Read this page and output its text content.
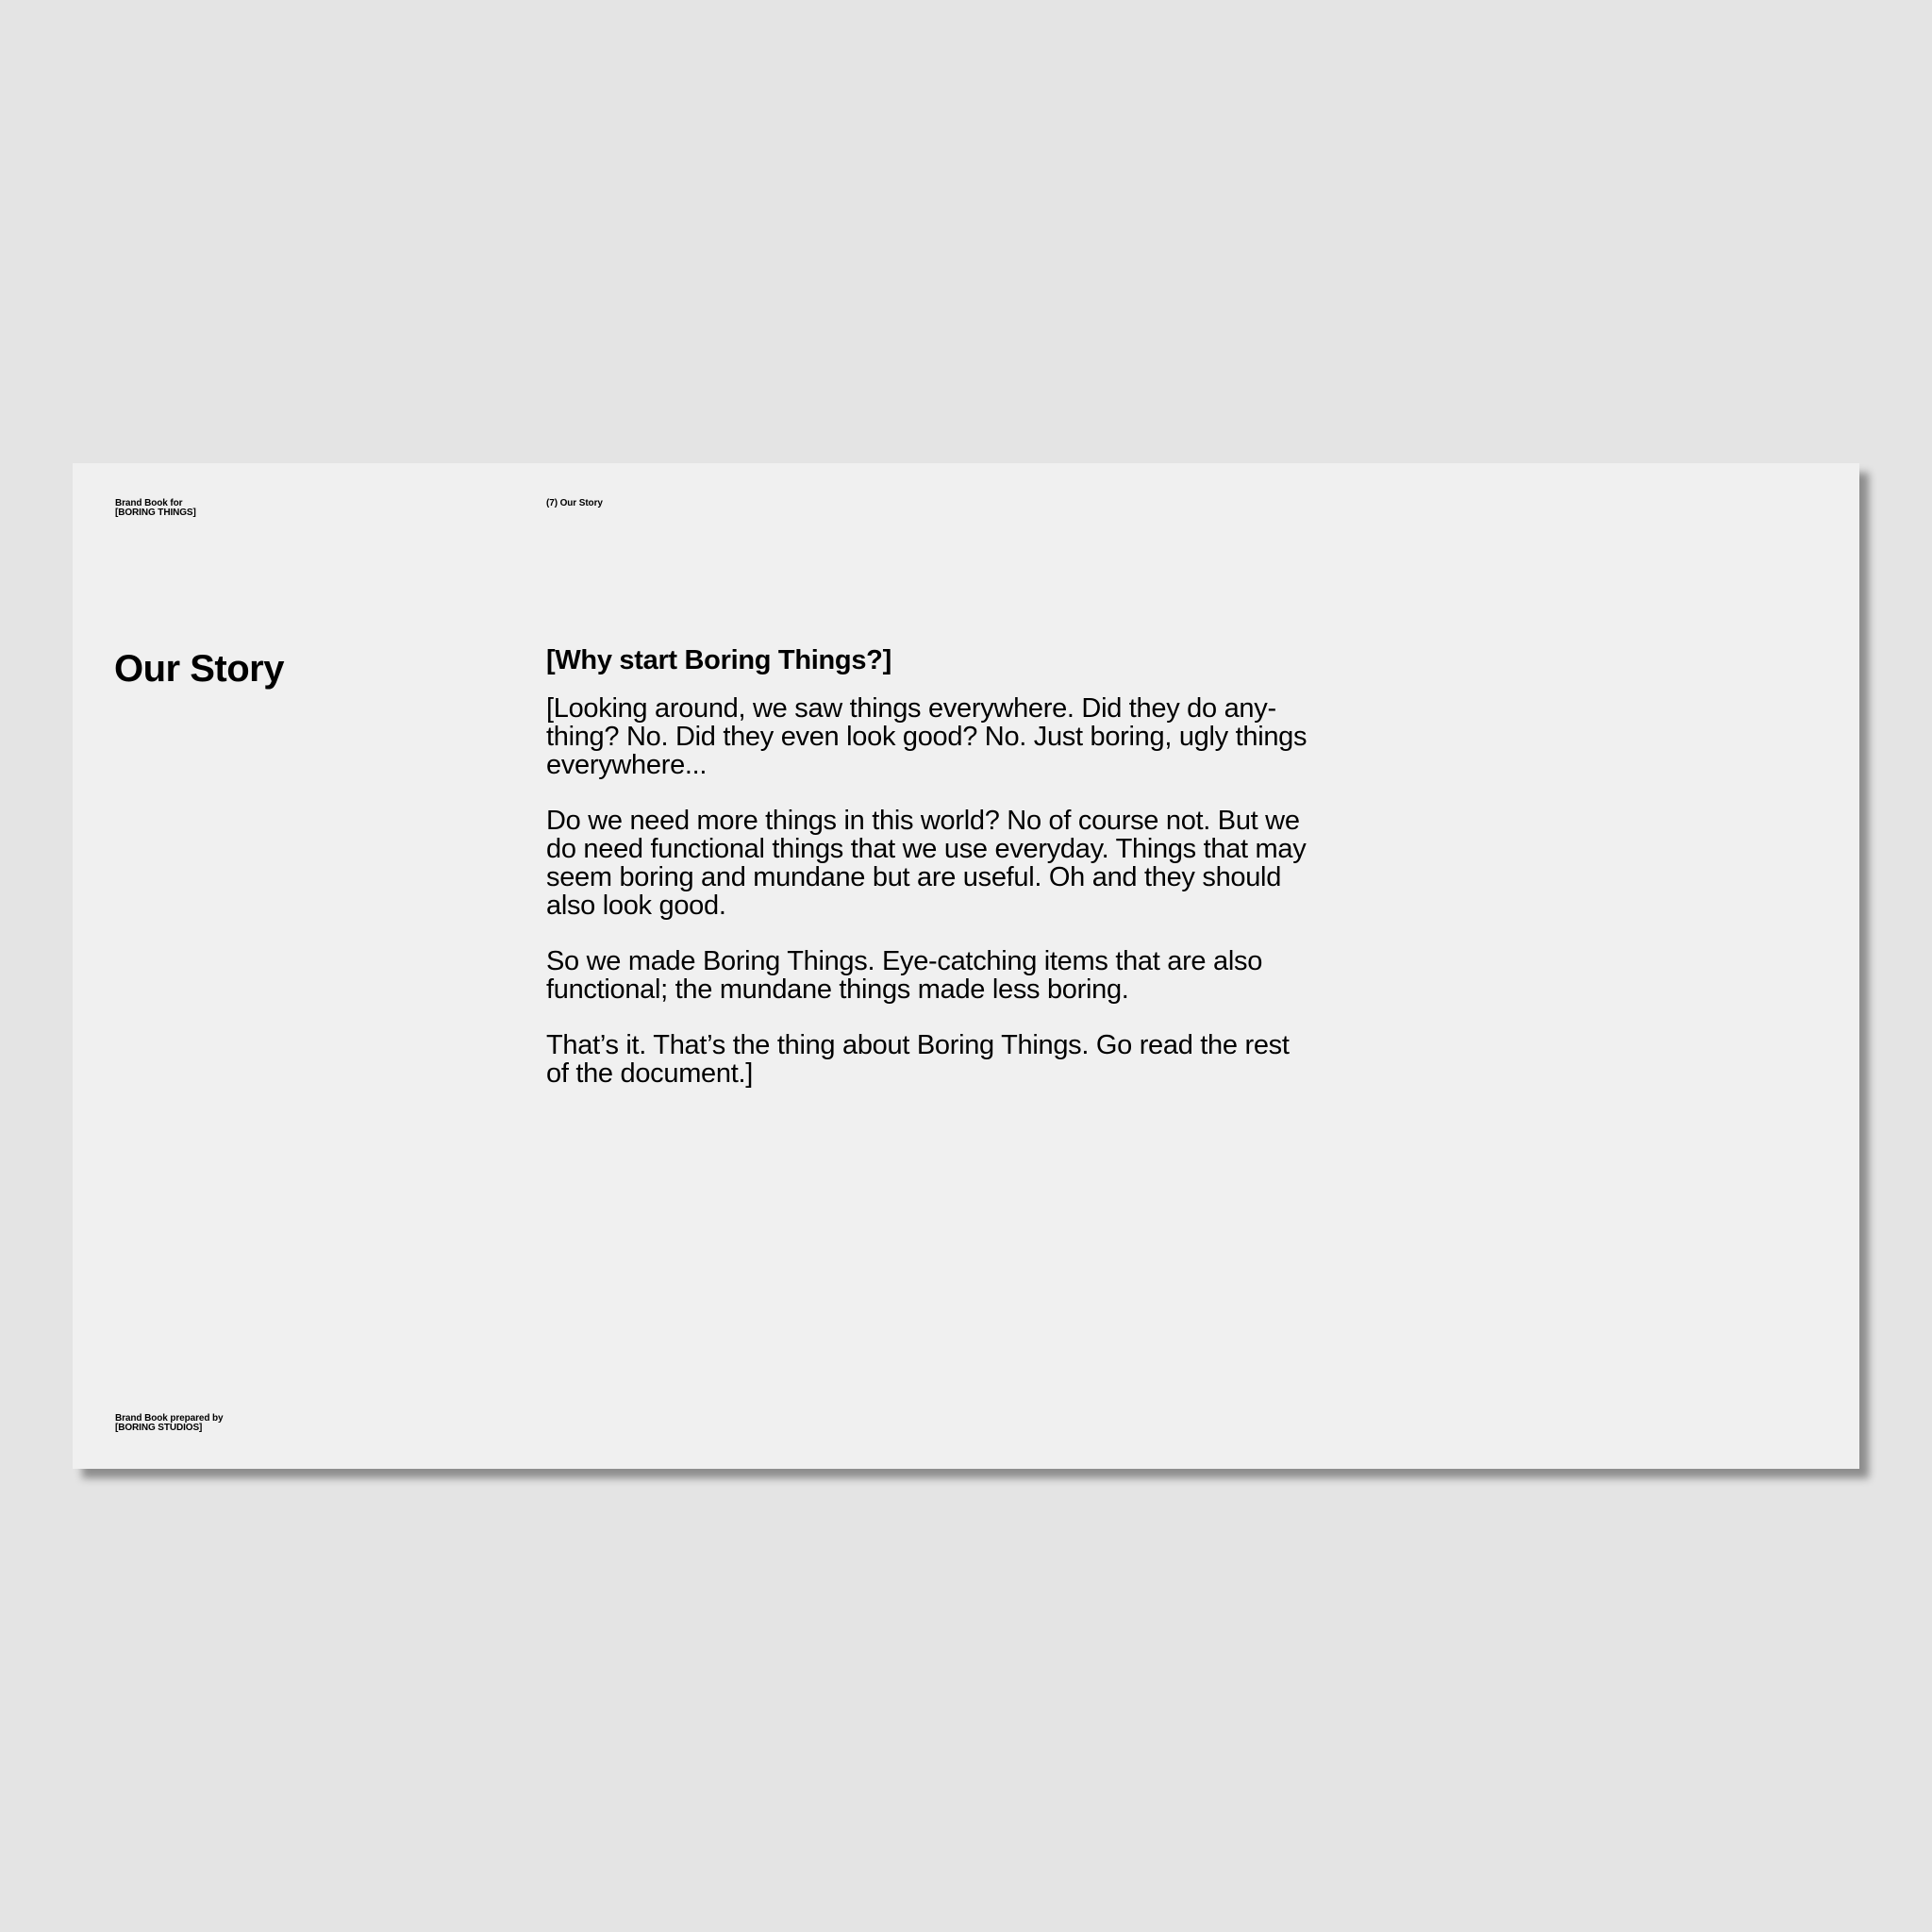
Brand Book for
[BORING THINGS]

(7) Our Story

Our Story	[Why start Boring Things?]

[Looking around, we saw things everywhere. Did they do any-
thing? No. Did they even look good? No. Just boring, ugly things
everywhere...

Do we need more things in this world? No of course not. But we
do need functional things that we use everyday. Things that may
seem boring and mundane but are useful. Oh and they should
also look good.

So we made Boring Things. Eye-catching items that are also
functional; the mundane things made less boring.

That’s it. That’s the thing about Boring Things. Go read the rest
of the document.]

Brand Book prepared by
[BORING STUDIOS]
